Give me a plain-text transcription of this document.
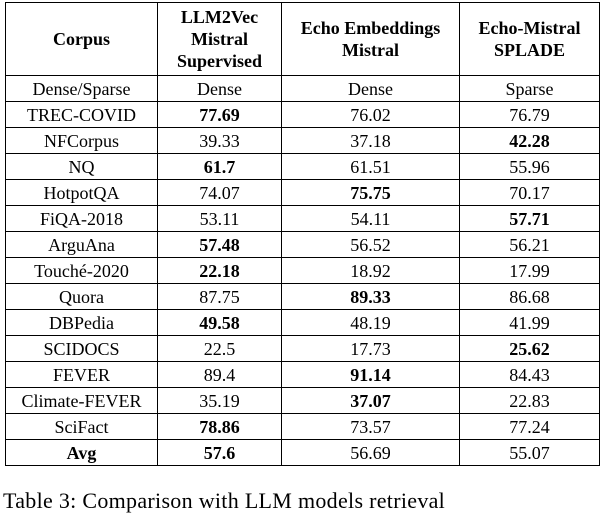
Corpus	LLM2Vec Mistral Supervised	Echo Embeddings Mistral	Echo-Mistral SPLADE
Dense/Sparse	Dense	Dense	Sparse
TREC-COVID	77.69	76.02	76.79
NFCorpus	39.33	37.18	42.28
NQ	61.7	61.51	55.96
HotpotQA	74.07	75.75	70.17
FiQA-2018	53.11	54.11	57.71
ArguAna	57.48	56.52	56.21
Touché-2020	22.18	18.92	17.99
Quora	87.75	89.33	86.68
DBPedia	49.58	48.19	41.99
SCIDOCS	22.5	17.73	25.62
FEVER	89.4	91.14	84.43
Climate-FEVER	35.19	37.07	22.83
SciFact	78.86	73.57	77.24
Avg	57.6	56.69	55.07
Table 3: Comparison with LLM models retrieval
